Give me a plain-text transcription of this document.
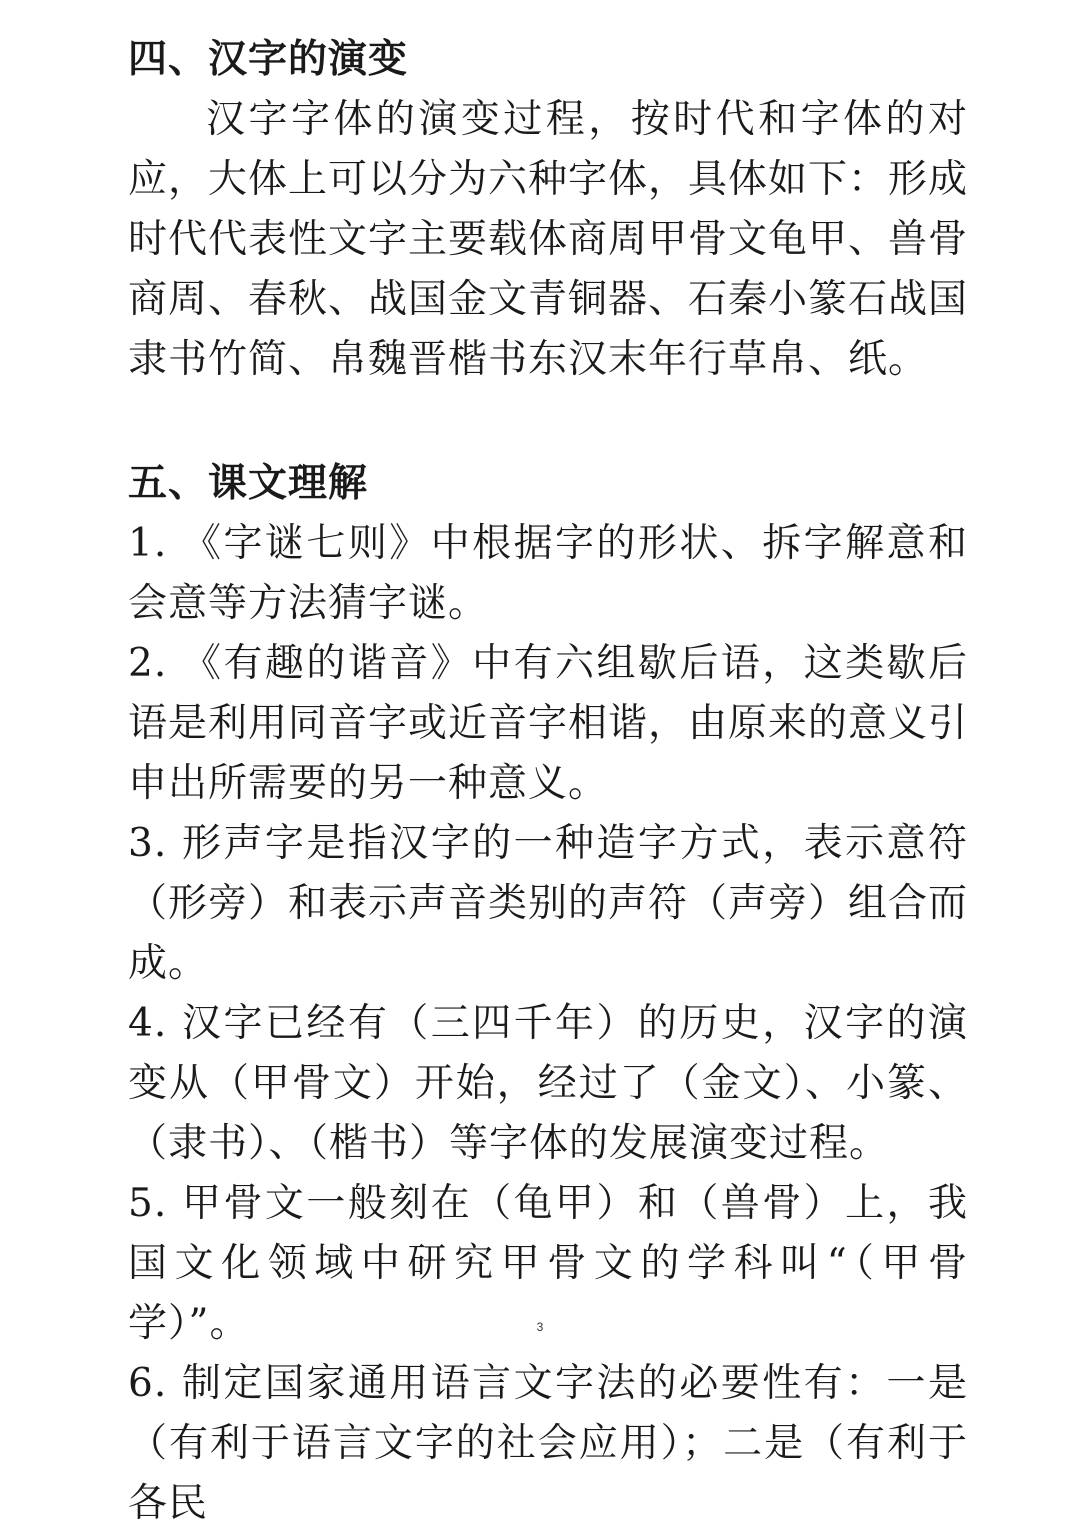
四、汉字的演变

汉字字体的演变过程，按时代和字体的对应，大体上可以分为六种字体，具体如下：形成时代代表性文字主要载体商周甲骨文龟甲、兽骨商周、春秋、战国金文青铜器、石秦小篆石战国隶书竹简、帛魏晋楷书东汉末年行草帛、纸。

五、课文理解

1. 《字谜七则》中根据字的形状、拆字解意和会意等方法猜字谜。

2. 《有趣的谐音》中有六组歇后语，这类歇后语是利用同音字或近音字相谐，由原来的意义引申出所需要的另一种意义。

3. 形声字是指汉字的一种造字方式，表示意符（形旁）和表示声音类别的声符（声旁）组合而成。

4. 汉字已经有（三四千年）的历史，汉字的演变从（甲骨文）开始，经过了（金文）、小篆、（隶书）、（楷书）等字体的发展演变过程。

5. 甲骨文一般刻在（龟甲）和（兽骨）上，我国文化领域中研究甲骨文的学科叫“（甲骨学）”。

6. 制定国家通用语言文字法的必要性有：一是（有利于语言文字的社会应用）；二是（有利于各民

3
